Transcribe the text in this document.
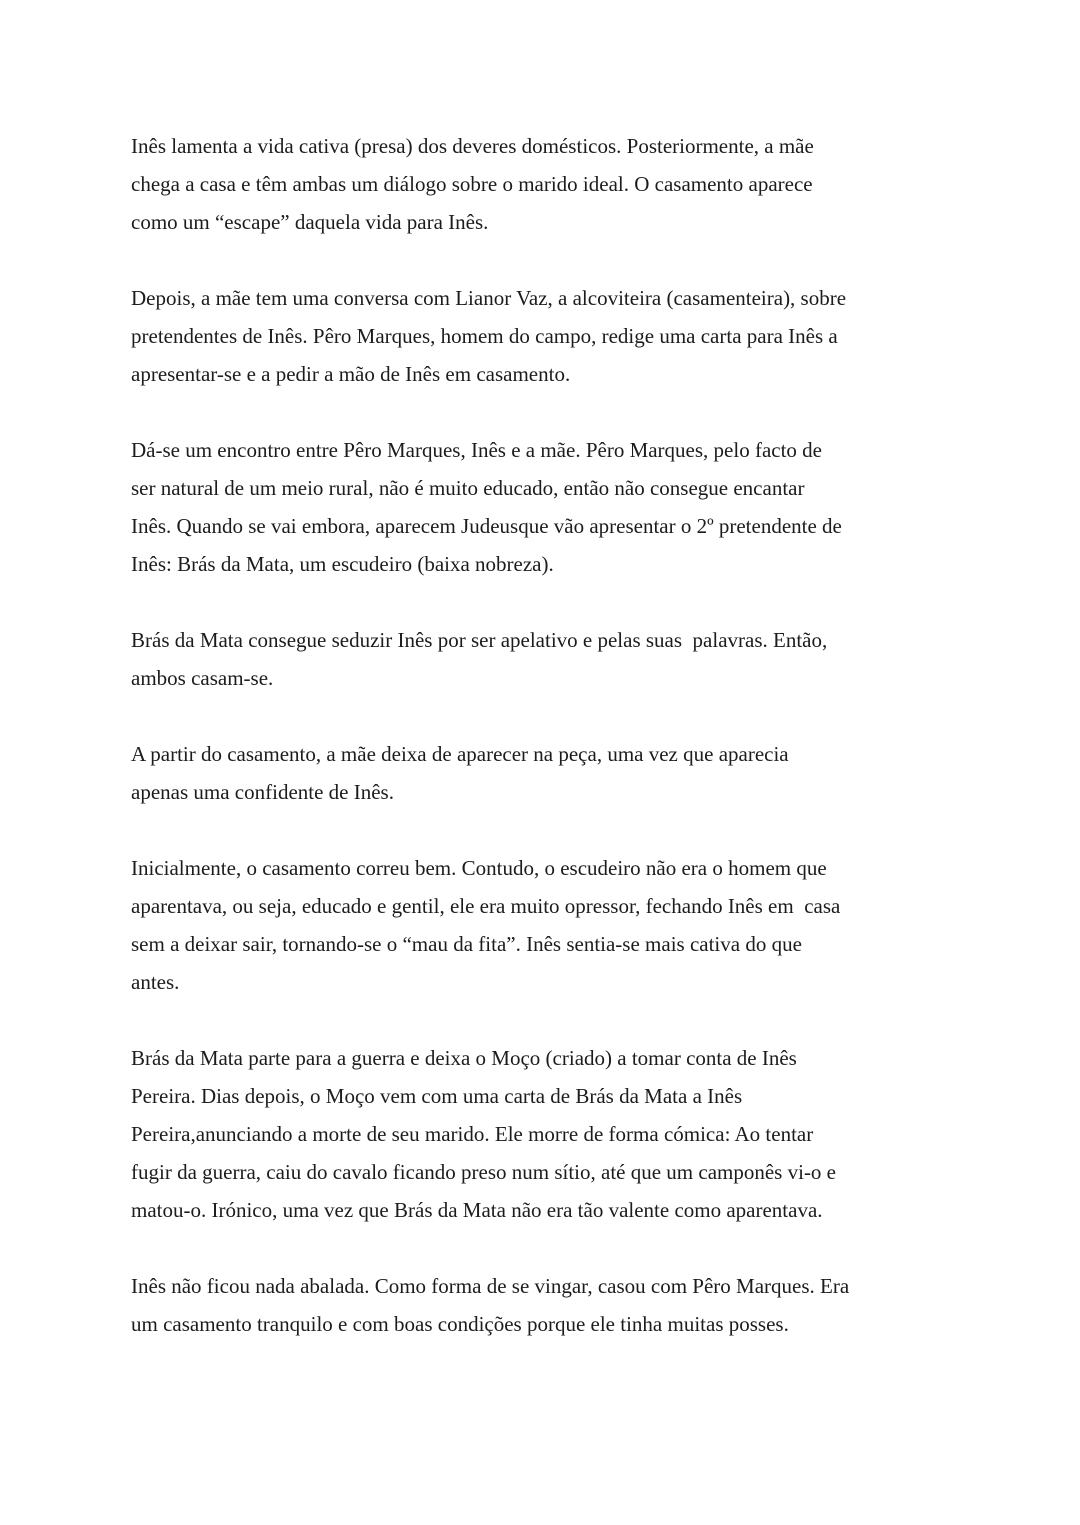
Inês lamenta a vida cativa (presa) dos deveres domésticos. Posteriormente, a mãe
chega a casa e têm ambas um diálogo sobre o marido ideal. O casamento aparece
como um “escape” daquela vida para Inês.

Depois, a mãe tem uma conversa com Lianor Vaz, a alcoviteira (casamenteira), sobre
pretendentes de Inês. Pêro Marques, homem do campo, redige uma carta para Inês a
apresentar-se e a pedir a mão de Inês em casamento.

Dá-se um encontro entre Pêro Marques, Inês e a mãe. Pêro Marques, pelo facto de
ser natural de um meio rural, não é muito educado, então não consegue encantar
Inês. Quando se vai embora, aparecem Judeusque vão apresentar o 2º pretendente de
Inês: Brás da Mata, um escudeiro (baixa nobreza).

Brás da Mata consegue seduzir Inês por ser apelativo e pelas suas  palavras. Então,
ambos casam-se.

A partir do casamento, a mãe deixa de aparecer na peça, uma vez que aparecia
apenas uma confidente de Inês.

Inicialmente, o casamento correu bem. Contudo, o escudeiro não era o homem que
aparentava, ou seja, educado e gentil, ele era muito opressor, fechando Inês em  casa
sem a deixar sair, tornando-se o “mau da fita”. Inês sentia-se mais cativa do que
antes.

Brás da Mata parte para a guerra e deixa o Moço (criado) a tomar conta de Inês
Pereira. Dias depois, o Moço vem com uma carta de Brás da Mata a Inês
Pereira,anunciando a morte de seu marido. Ele morre de forma cómica: Ao tentar
fugir da guerra, caiu do cavalo ficando preso num sítio, até que um camponês vi-o e
matou-o. Irónico, uma vez que Brás da Mata não era tão valente como aparentava.

Inês não ficou nada abalada. Como forma de se vingar, casou com Pêro Marques. Era
um casamento tranquilo e com boas condições porque ele tinha muitas posses.
